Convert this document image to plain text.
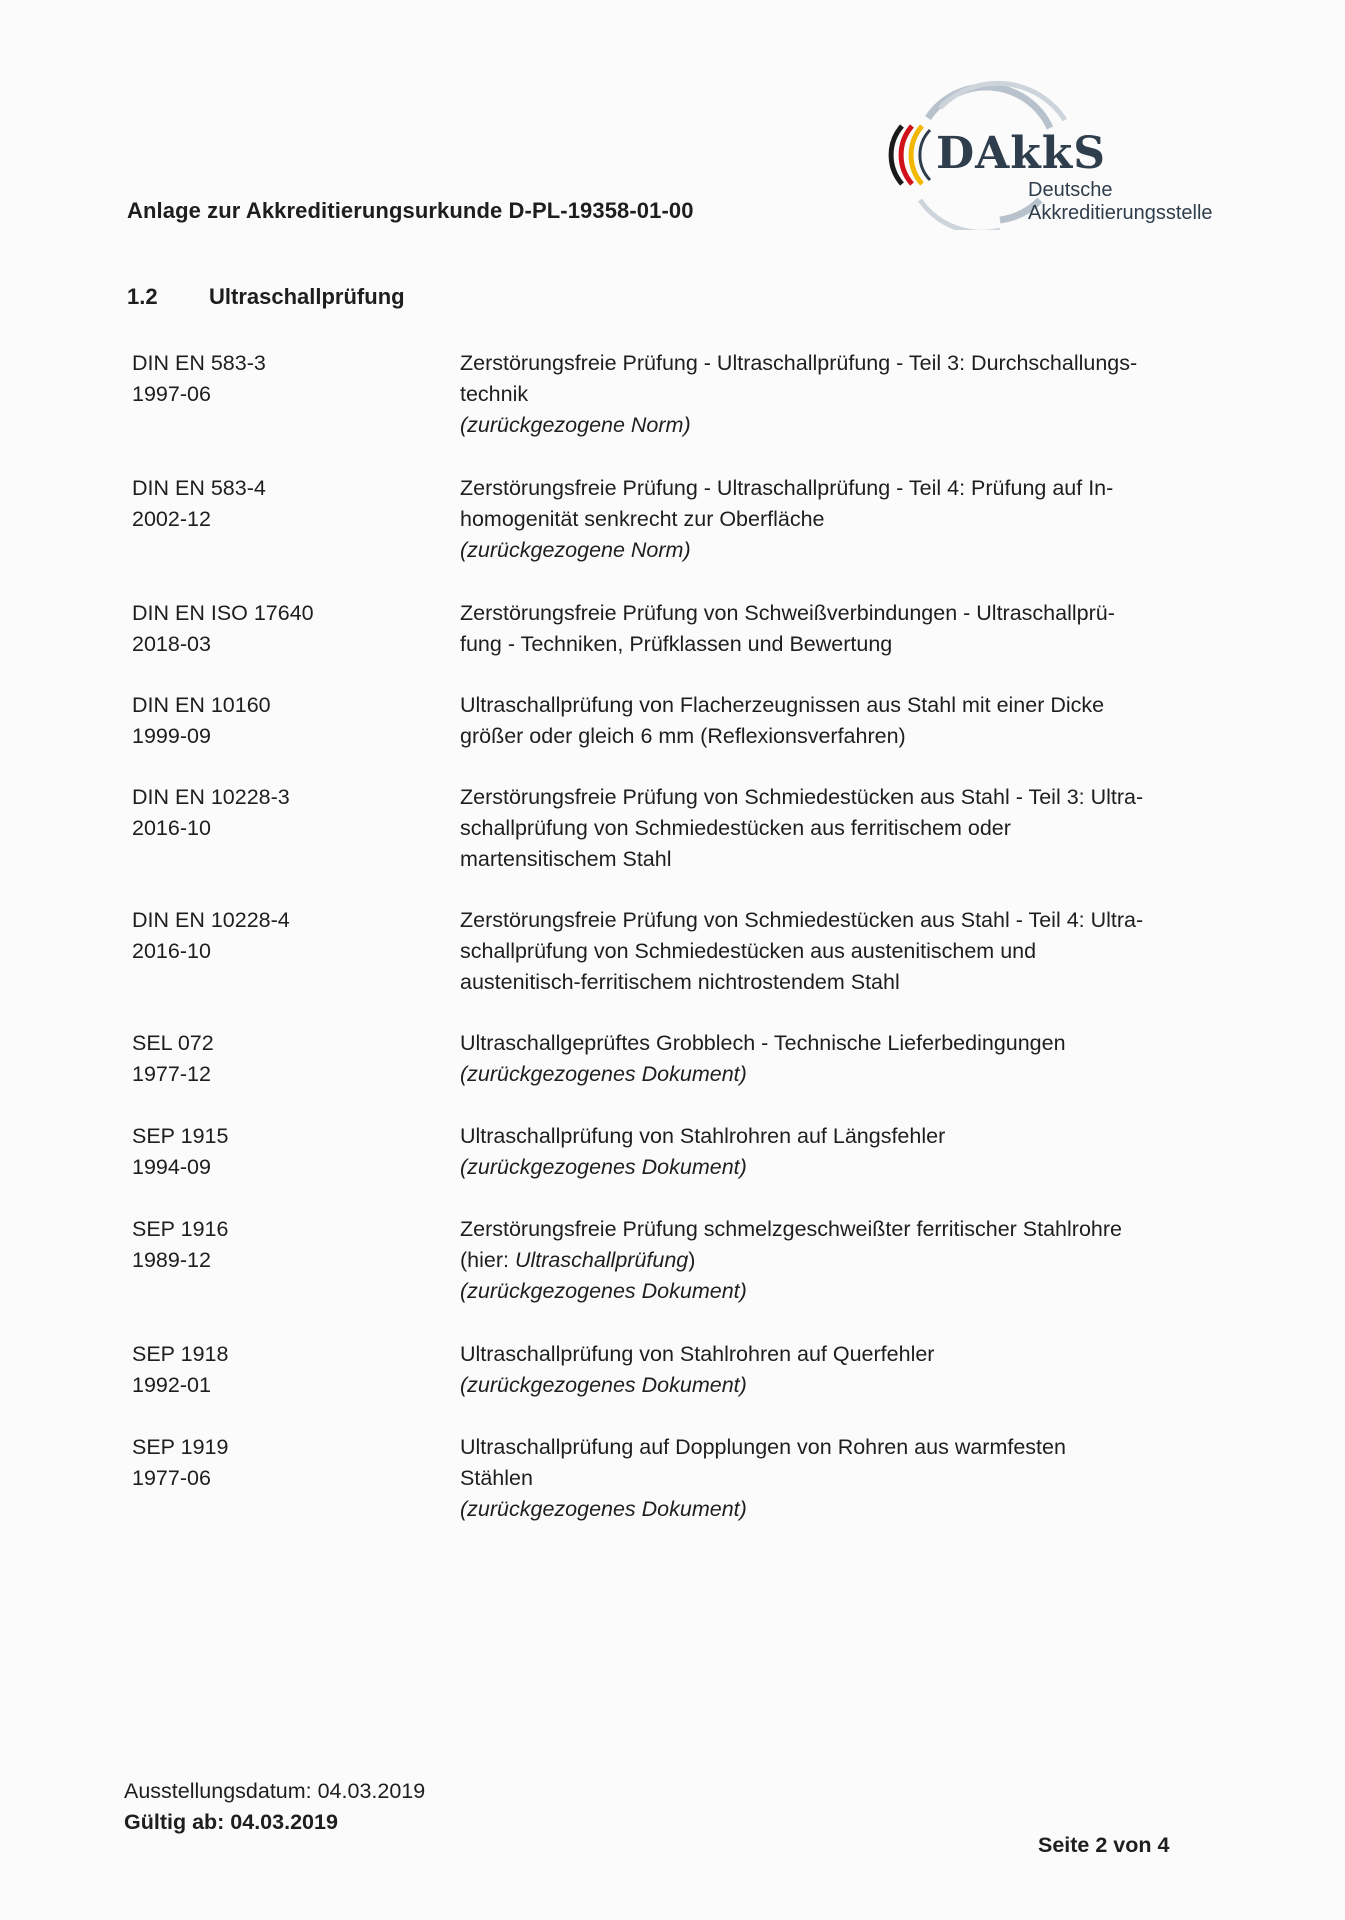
Anlage zur Akkreditierungsurkunde D-PL-19358-01-00
DAkkS
Deutsche
Akkreditierungsstelle
1.2 Ultraschallprüfung
DIN EN 583-3
1997-06
Zerstörungsfreie Prüfung - Ultraschallprüfung - Teil 3: Durchschallungs-
technik
(zurückgezogene Norm)
DIN EN 583-4
2002-12
Zerstörungsfreie Prüfung - Ultraschallprüfung - Teil 4: Prüfung auf In-
homogenität senkrecht zur Oberfläche
(zurückgezogene Norm)
DIN EN ISO 17640
2018-03
Zerstörungsfreie Prüfung von Schweißverbindungen - Ultraschallprü-
fung - Techniken, Prüfklassen und Bewertung
DIN EN 10160
1999-09
Ultraschallprüfung von Flacherzeugnissen aus Stahl mit einer Dicke
größer oder gleich 6 mm (Reflexionsverfahren)
DIN EN 10228-3
2016-10
Zerstörungsfreie Prüfung von Schmiedestücken aus Stahl - Teil 3: Ultra-
schallprüfung von Schmiedestücken aus ferritischem oder
martensitischem Stahl
DIN EN 10228-4
2016-10
Zerstörungsfreie Prüfung von Schmiedestücken aus Stahl - Teil 4: Ultra-
schallprüfung von Schmiedestücken aus austenitischem und
austenitisch-ferritischem nichtrostendem Stahl
SEL 072
1977-12
Ultraschallgeprüftes Grobblech - Technische Lieferbedingungen
(zurückgezogenes Dokument)
SEP 1915
1994-09
Ultraschallprüfung von Stahlrohren auf Längsfehler
(zurückgezogenes Dokument)
SEP 1916
1989-12
Zerstörungsfreie Prüfung schmelzgeschweißter ferritischer Stahlrohre
(hier: Ultraschallprüfung)
(zurückgezogenes Dokument)
SEP 1918
1992-01
Ultraschallprüfung von Stahlrohren auf Querfehler
(zurückgezogenes Dokument)
SEP 1919
1977-06
Ultraschallprüfung auf Dopplungen von Rohren aus warmfesten
Stählen
(zurückgezogenes Dokument)
Ausstellungsdatum: 04.03.2019
Gültig ab: 04.03.2019
Seite 2 von 4
